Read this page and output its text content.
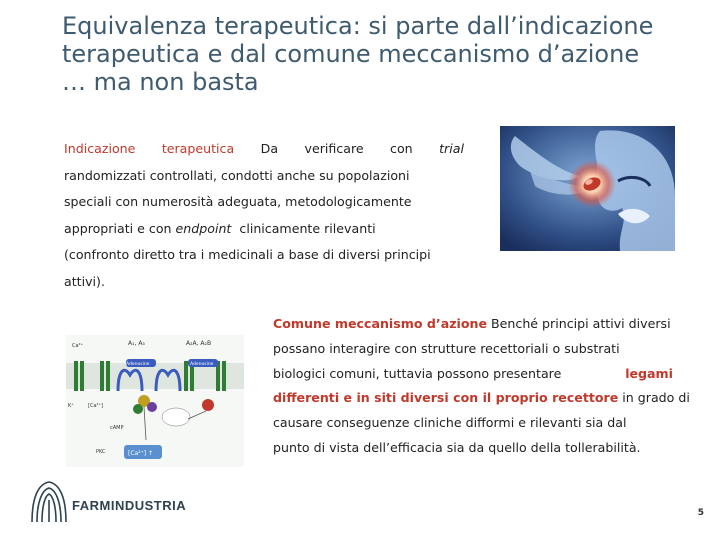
Equivalenza terapeutica: si parte dall’indicazione
terapeutica e dal comune meccanismo d’azione
… ma non basta
Indicazione terapeutica Da verificare con trial
randomizzati controllati, condotti anche su popolazioni
speciali con numerosità adeguata, metodologicamente
appropriati e con
endpoint
clinicamente rilevanti
(confronto diretto tra i medicinali a base di diversi principi
attivi).
Comune meccanismo d’azione
Benché principi attivi diversi
possano interagire con strutture recettoriali o substrati
biologici comuni, tuttavia possono presentare	legami
differenti e in siti diversi con il proprio recettore
in grado di
causare conseguenze cliniche difformi e rilevanti sia dal
punto di vista dell’efficacia sia da quello della tollerabilità.
Ca²⁺	A₁, A₃	A₂A, A₂B
Adenosine	Adenosine
K⁺	[Ca²⁺]
cAMP
PKC	[Ca²⁺] ↑
FARMINDUSTRIA	5
